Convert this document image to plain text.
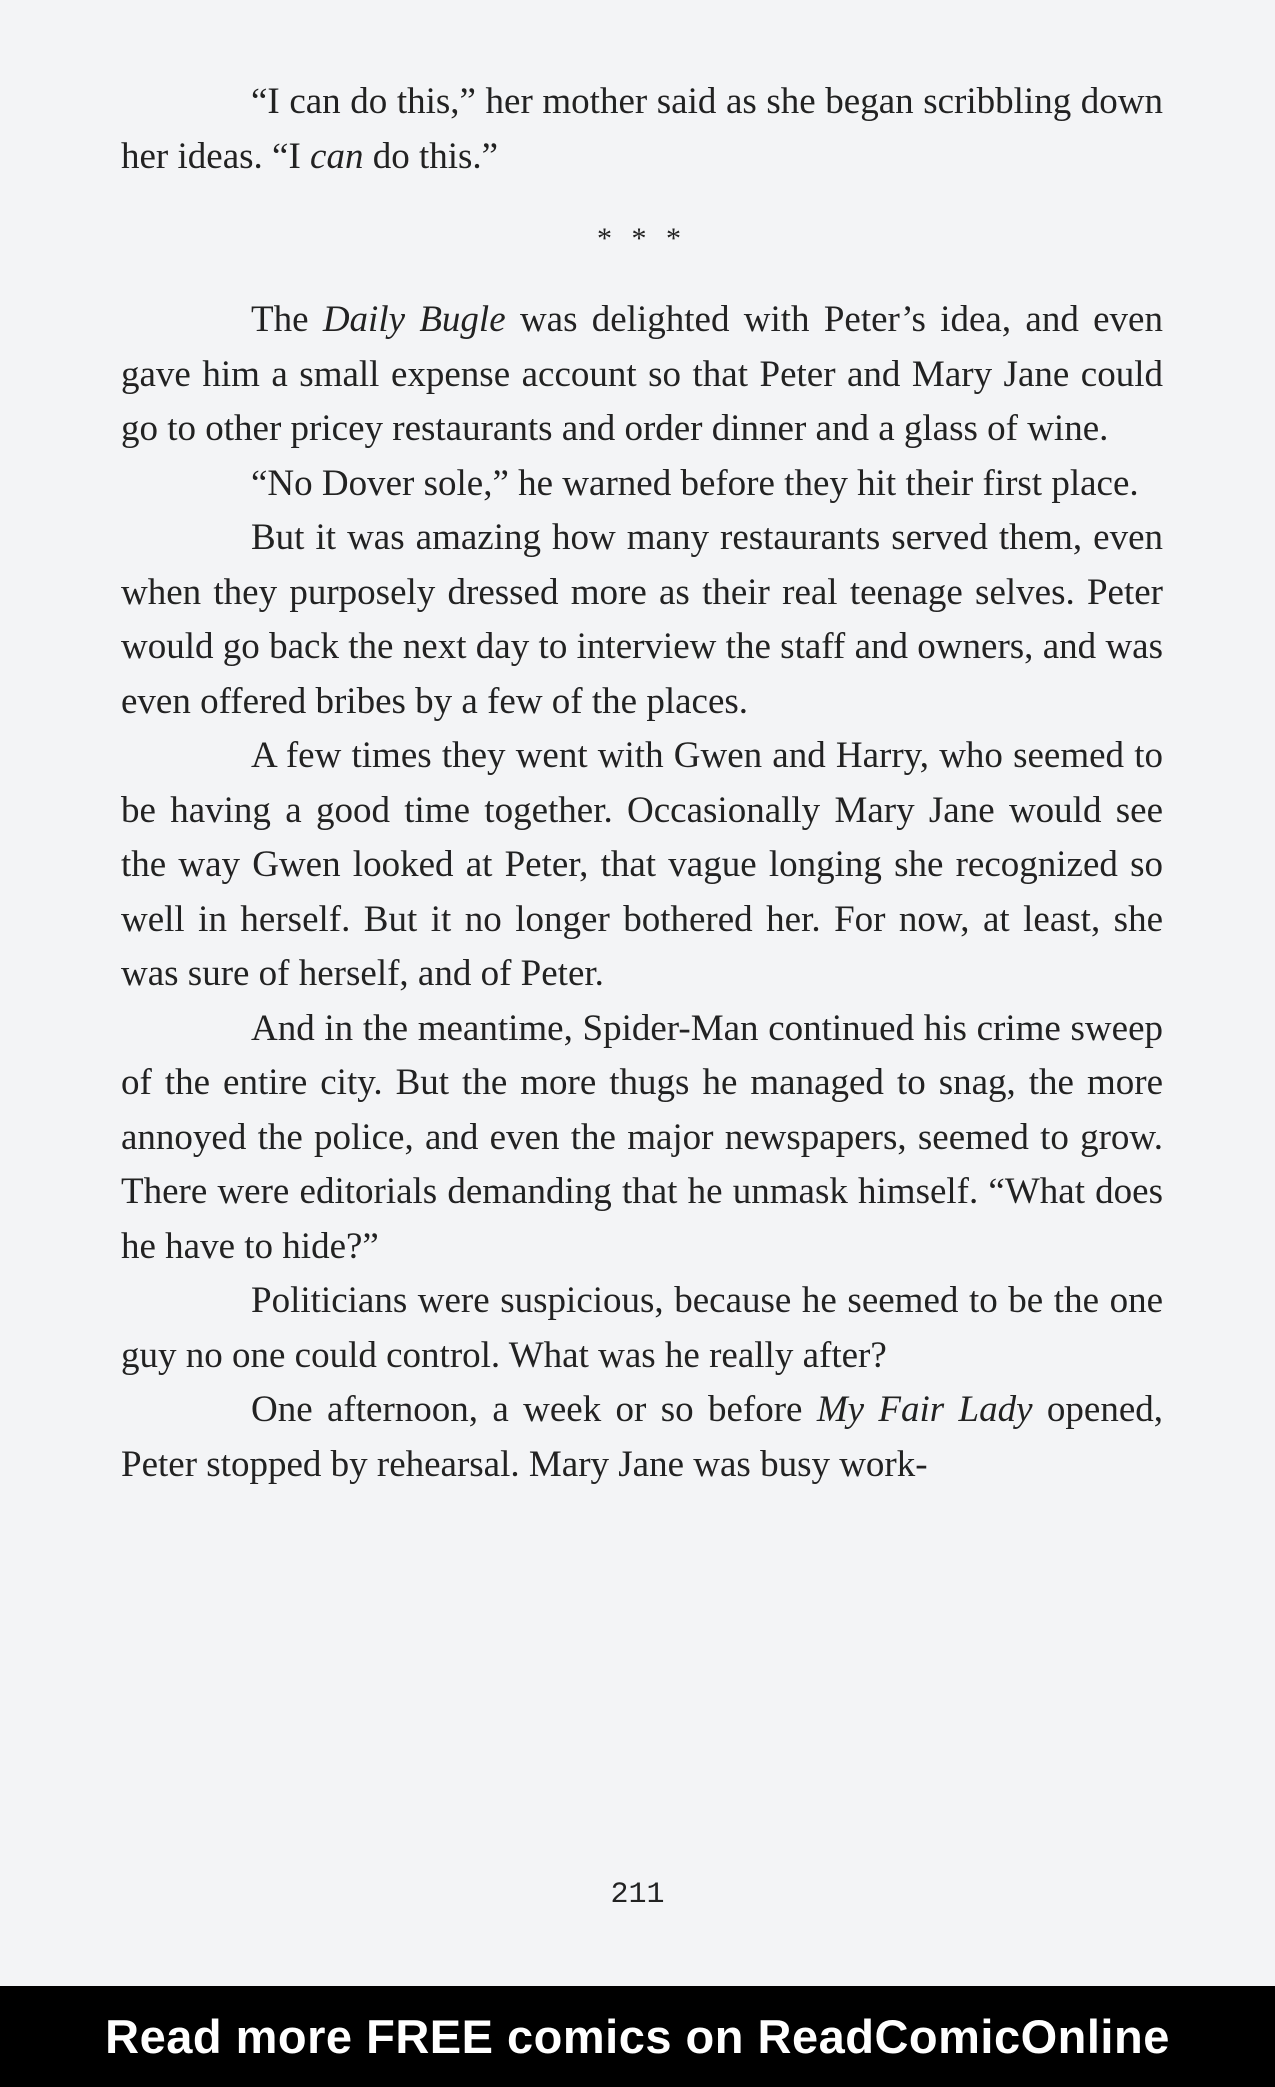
“I can do this,” her mother said as she began scribbling down her ideas. “I can do this.”

* * *

The Daily Bugle was delighted with Peter’s idea, and even gave him a small expense account so that Peter and Mary Jane could go to other pricey restaurants and order dinner and a glass of wine.

“No Dover sole,” he warned before they hit their first place.

But it was amazing how many restaurants served them, even when they purposely dressed more as their real teenage selves. Peter would go back the next day to interview the staff and owners, and was even offered bribes by a few of the places.

A few times they went with Gwen and Harry, who seemed to be having a good time together. Occasionally Mary Jane would see the way Gwen looked at Peter, that vague longing she recognized so well in herself. But it no longer bothered her. For now, at least, she was sure of herself, and of Peter.

And in the meantime, Spider-Man continued his crime sweep of the entire city. But the more thugs he managed to snag, the more annoyed the police, and even the major newspapers, seemed to grow. There were editorials demanding that he unmask himself. “What does he have to hide?”

Politicians were suspicious, because he seemed to be the one guy no one could control. What was he really after?

One afternoon, a week or so before My Fair Lady opened, Peter stopped by rehearsal. Mary Jane was busy work-

211
Read more FREE comics on ReadComicOnline
